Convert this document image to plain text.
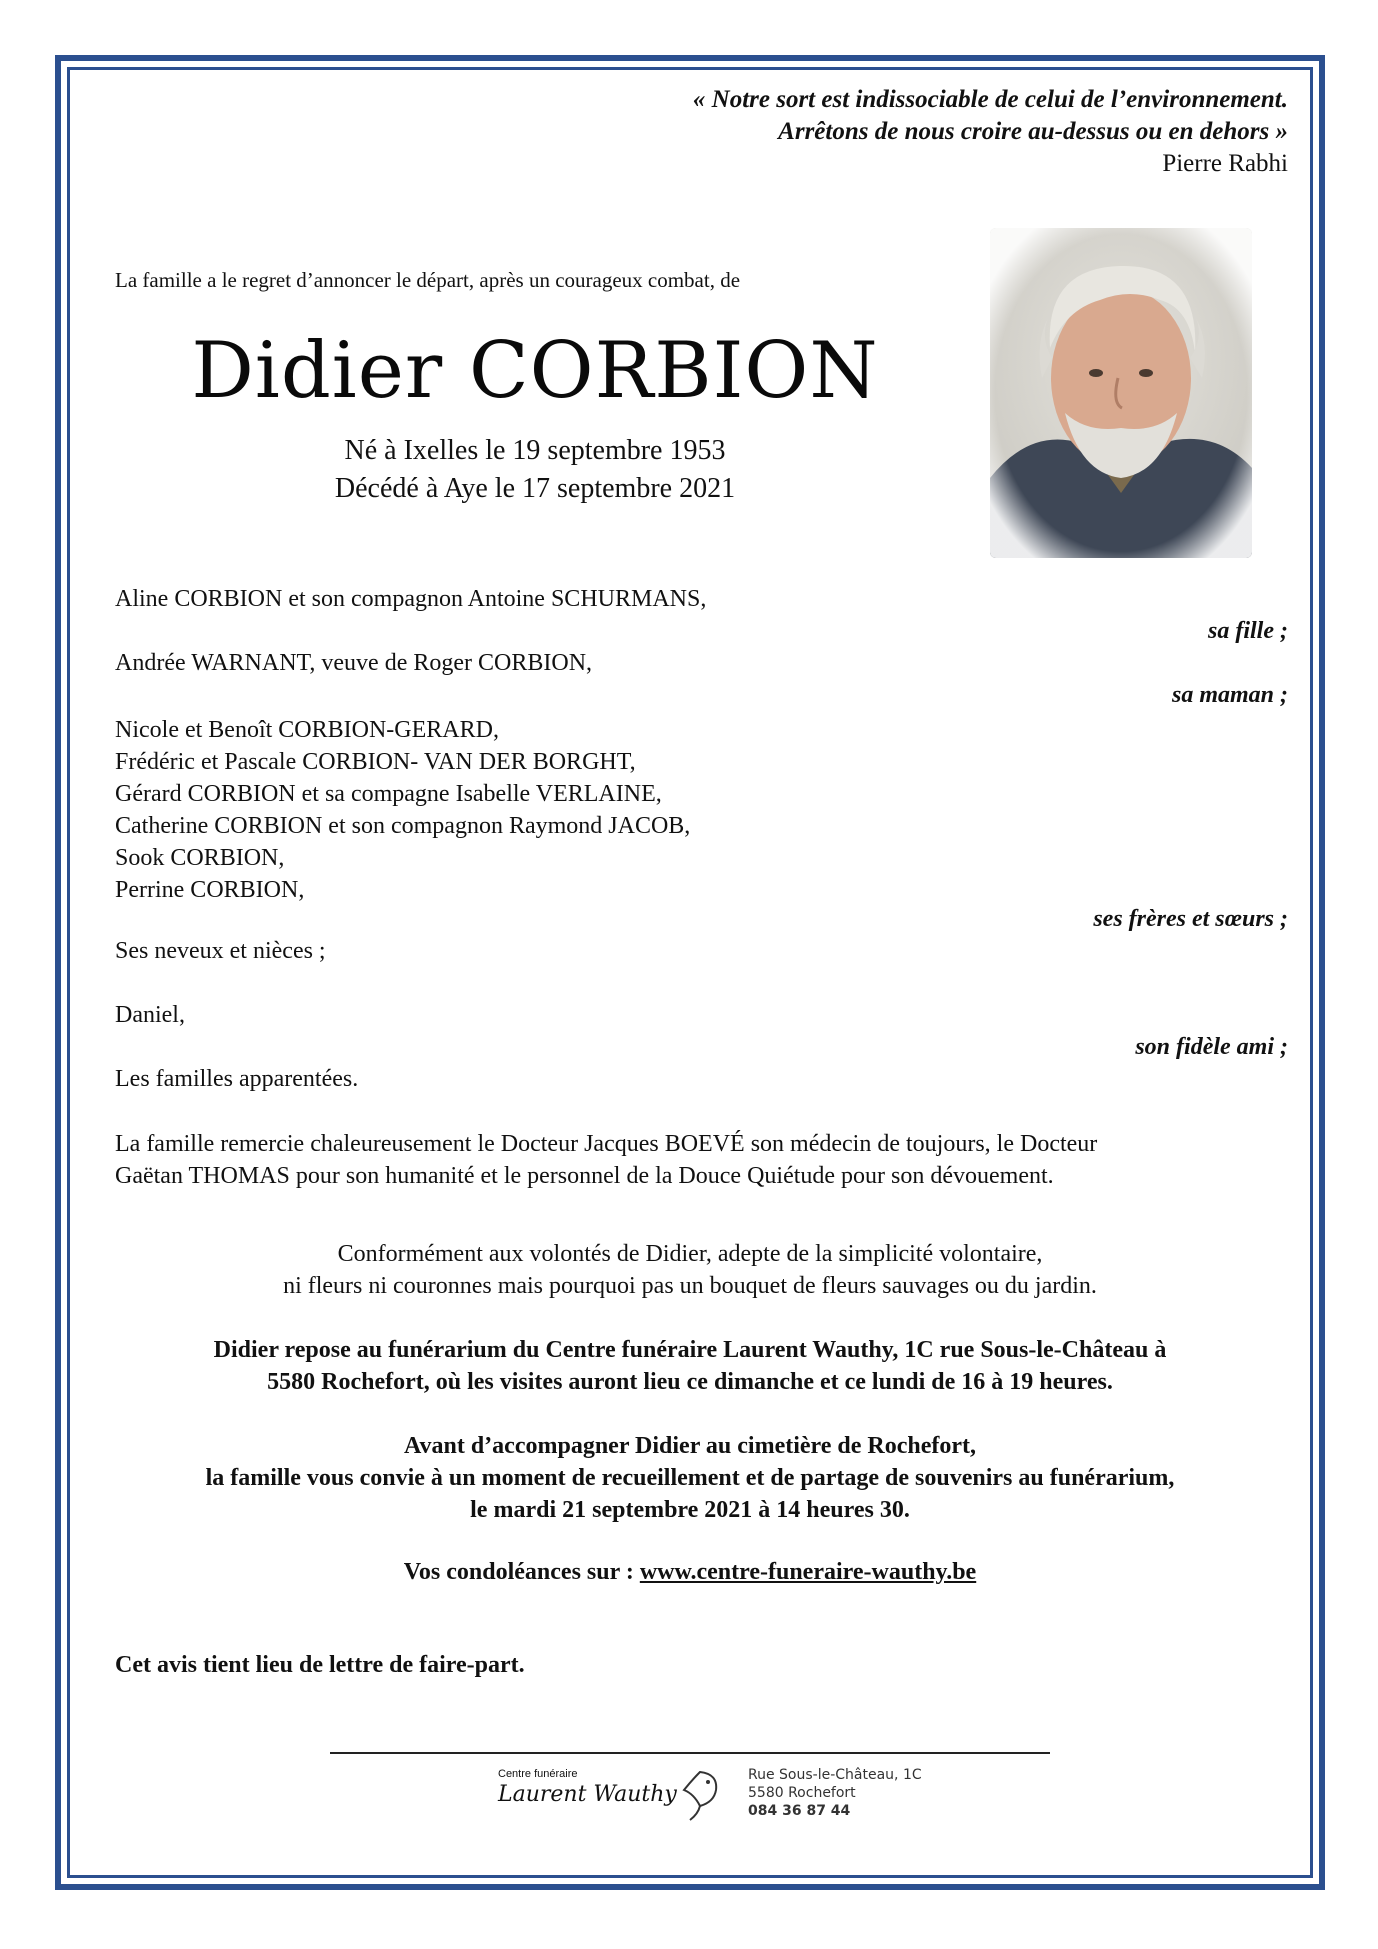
« Notre sort est indissociable de celui de l’environnement.
Arrêtons de nous croire au-dessus ou en dehors »
Pierre Rabhi
La famille a le regret d’annoncer le départ, après un courageux combat, de
Didier CORBION
Né à Ixelles le 19 septembre 1953
Décédé à Aye le 17 septembre 2021
Aline CORBION et son compagnon Antoine SCHURMANS,
sa fille ;
Andrée WARNANT, veuve de Roger CORBION,
sa maman ;
Nicole et Benoît CORBION-GERARD,
Frédéric et Pascale CORBION- VAN DER BORGHT,
Gérard CORBION et sa compagne Isabelle VERLAINE,
Catherine CORBION et son compagnon Raymond JACOB,
Sook CORBION,
Perrine CORBION,
ses frères et sœurs ;
Ses neveux et nièces ;
Daniel,
son fidèle ami ;
Les familles apparentées.
La famille remercie chaleureusement le Docteur Jacques BOEVÉ son médecin de toujours, le Docteur
Gaëtan THOMAS pour son humanité et le personnel de la Douce Quiétude pour son dévouement.
Conformément aux volontés de Didier, adepte de la simplicité volontaire,
ni fleurs ni couronnes mais pourquoi pas un bouquet de fleurs sauvages ou du jardin.
Didier repose au funérarium du Centre funéraire Laurent Wauthy, 1C rue Sous-le-Château à
5580 Rochefort, où les visites auront lieu ce dimanche et ce lundi de 16 à 19 heures.
Avant d’accompagner Didier au cimetière de Rochefort,
la famille vous convie à un moment de recueillement et de partage de souvenirs au funérarium,
le mardi 21 septembre 2021 à 14 heures 30.
Vos condoléances sur : www.centre-funeraire-wauthy.be
Cet avis tient lieu de lettre de faire-part.
Centre funéraire
Laurent Wauthy
Rue Sous-le-Château, 1C
5580 Rochefort
084 36 87 44
